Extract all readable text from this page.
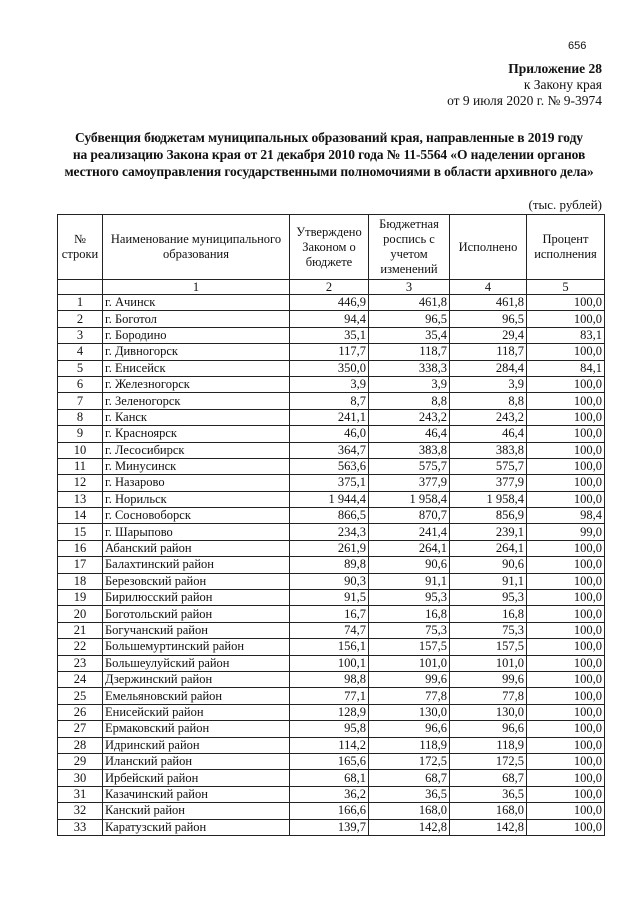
656
Приложение 28
к Закону края
от 9 июля 2020 г. № 9-3974
Субвенция бюджетам муниципальных образований края, направленные в 2019 году
на реализацию Закона края от 21 декабря 2010 года № 11-5564 «О наделении органов
местного самоуправления государственными полномочиями в области архивного дела»
(тыс. рублей)
№ строки	Наименование муниципального образования	Утверждено Законом о бюджете	Бюджетная роспись с учетом изменений	Исполнено	Процент исполнения
	1	2	3	4	5
1	г. Ачинск	446,9	461,8	461,8	100,0
2	г. Боготол	94,4	96,5	96,5	100,0
3	г. Бородино	35,1	35,4	29,4	83,1
4	г. Дивногорск	117,7	118,7	118,7	100,0
5	г. Енисейск	350,0	338,3	284,4	84,1
6	г. Железногорск	3,9	3,9	3,9	100,0
7	г. Зеленогорск	8,7	8,8	8,8	100,0
8	г. Канск	241,1	243,2	243,2	100,0
9	г. Красноярск	46,0	46,4	46,4	100,0
10	г. Лесосибирск	364,7	383,8	383,8	100,0
11	г. Минусинск	563,6	575,7	575,7	100,0
12	г. Назарово	375,1	377,9	377,9	100,0
13	г. Норильск	1 944,4	1 958,4	1 958,4	100,0
14	г. Сосновоборск	866,5	870,7	856,9	98,4
15	г. Шарыпово	234,3	241,4	239,1	99,0
16	Абанский район	261,9	264,1	264,1	100,0
17	Балахтинский район	89,8	90,6	90,6	100,0
18	Березовский район	90,3	91,1	91,1	100,0
19	Бирилюсский район	91,5	95,3	95,3	100,0
20	Боготольский район	16,7	16,8	16,8	100,0
21	Богучанский район	74,7	75,3	75,3	100,0
22	Большемуртинский район	156,1	157,5	157,5	100,0
23	Большеулуйский район	100,1	101,0	101,0	100,0
24	Дзержинский район	98,8	99,6	99,6	100,0
25	Емельяновский район	77,1	77,8	77,8	100,0
26	Енисейский район	128,9	130,0	130,0	100,0
27	Ермаковский район	95,8	96,6	96,6	100,0
28	Идринский район	114,2	118,9	118,9	100,0
29	Иланский район	165,6	172,5	172,5	100,0
30	Ирбейский район	68,1	68,7	68,7	100,0
31	Казачинский район	36,2	36,5	36,5	100,0
32	Канский район	166,6	168,0	168,0	100,0
33	Каратузский район	139,7	142,8	142,8	100,0
